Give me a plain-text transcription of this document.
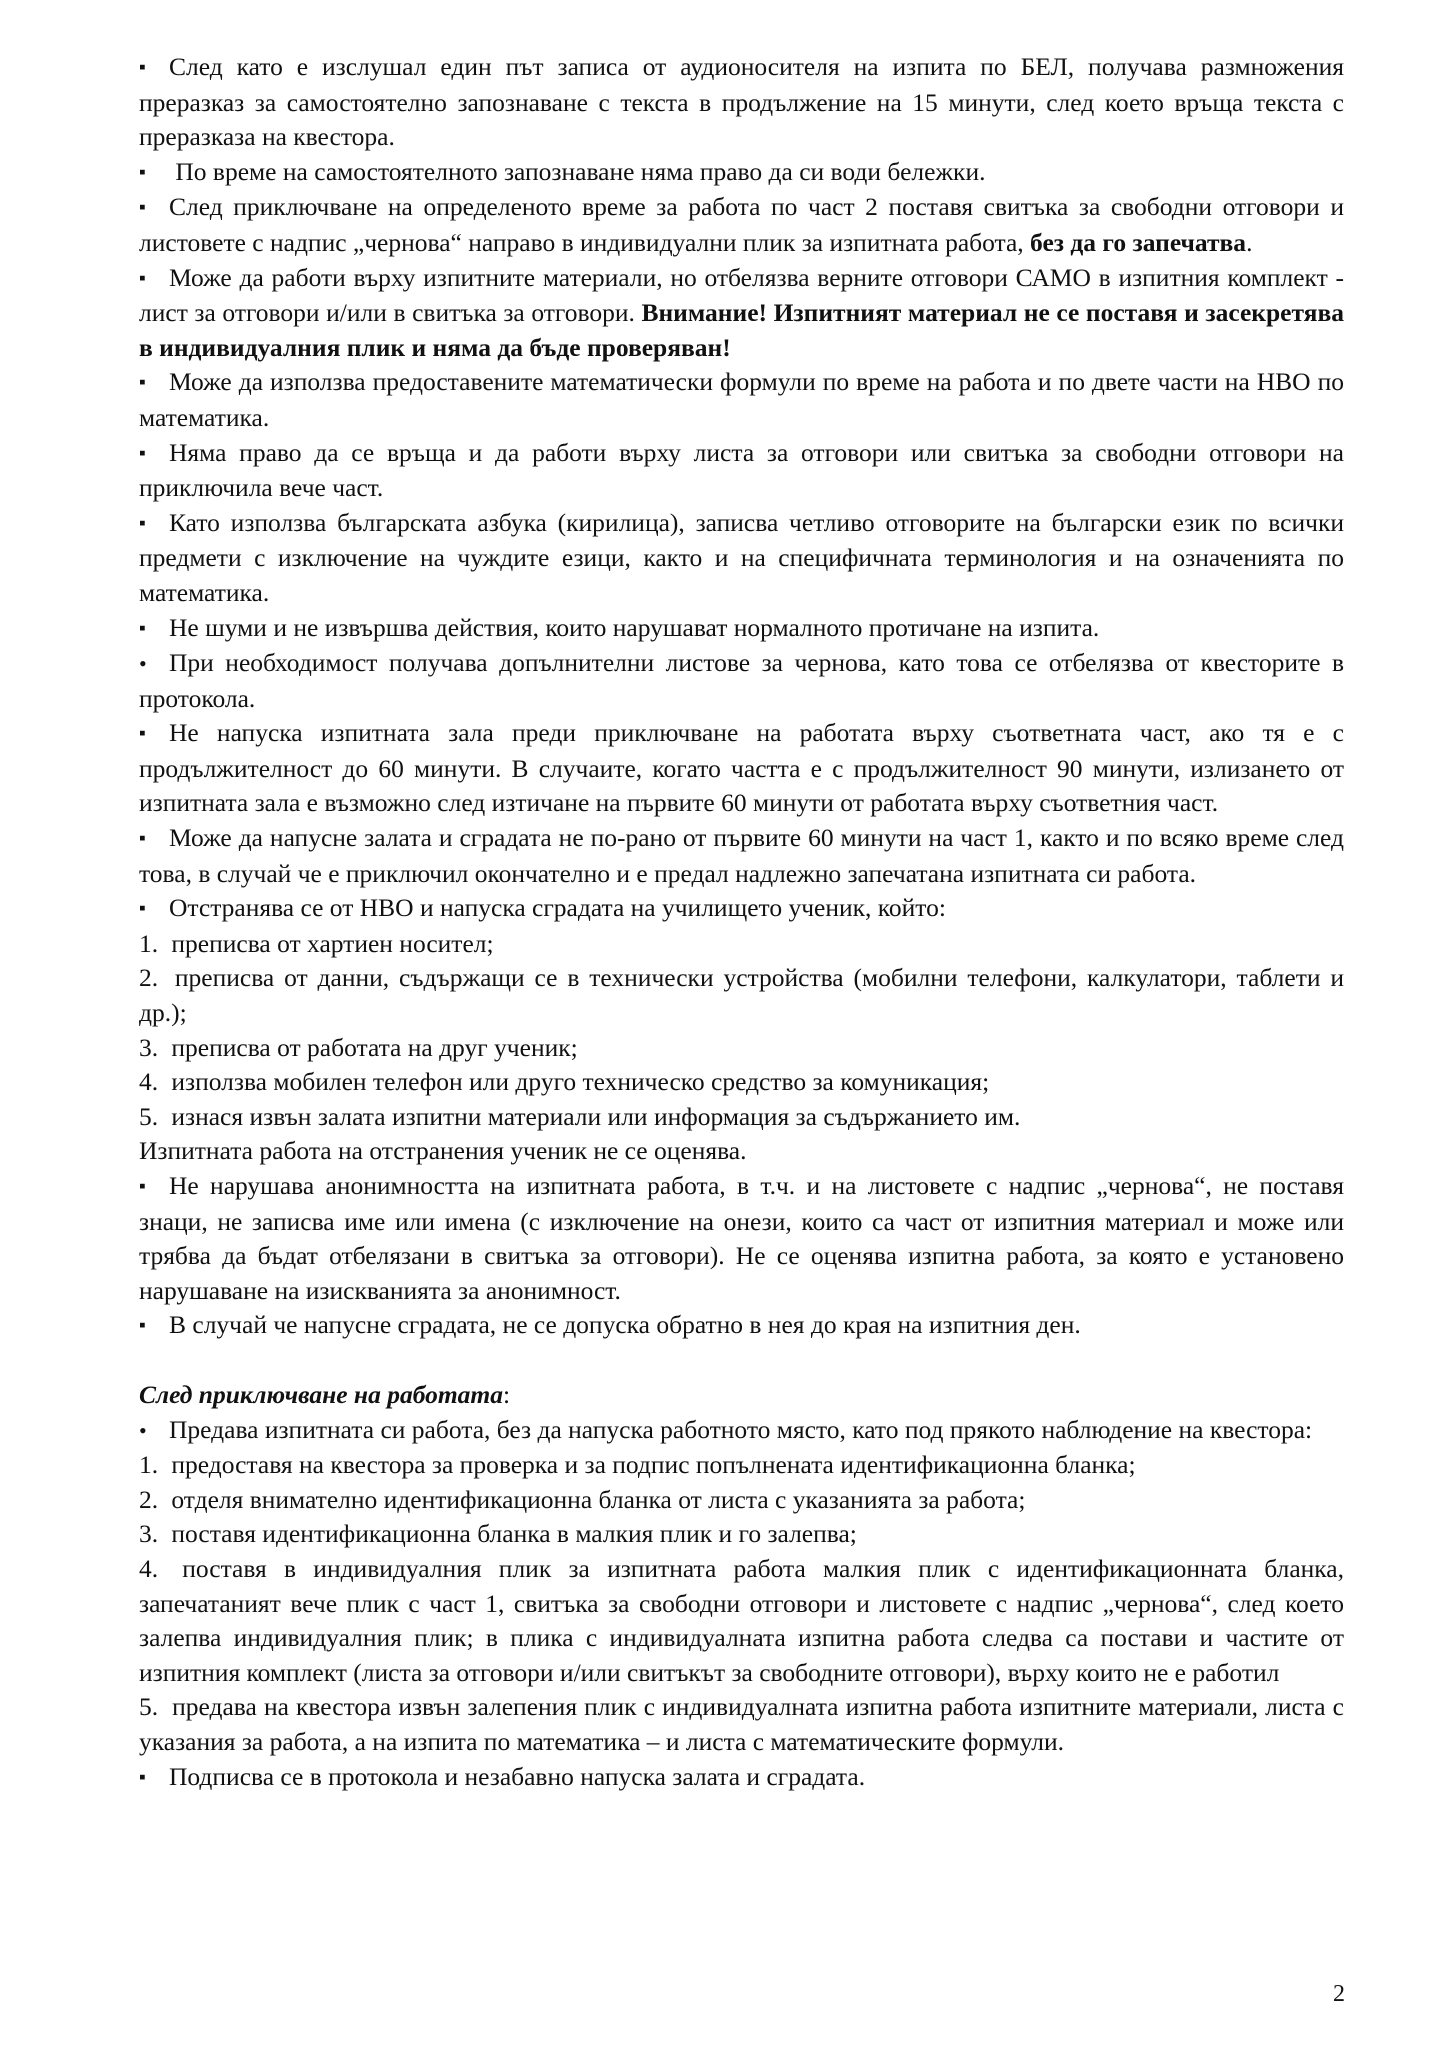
▪ След като е изслушал един път записа от аудионосителя на изпита по БЕЛ, получава размножения преразказ за самостоятелно запознаване с текста в продължение на 15 минути, след което връща текста с преразказа на квестора.

▪ По време на самостоятелното запознаване няма право да си води бележки.

▪ След приключване на определеното време за работа по част 2 поставя свитъка за свободни отговори и листовете с надпис „чернова“ направо в индивидуални плик за изпитната работа, без да го запечатва.

▪ Може да работи върху изпитните материали, но отбелязва верните отговори САМО в изпитния комплект - лист за отговори и/или в свитъка за отговори. Внимание! Изпитният материал не се поставя и засекретява в индивидуалния плик и няма да бъде проверяван!

▪ Може да използва предоставените математически формули по време на работа и по двете части на НВО по математика.

▪ Няма право да се връща и да работи върху листа за отговори или свитъка за свободни отговори на приключила вече част.

▪ Като използва българската азбука (кирилица), записва четливо отговорите на български език по всички предмети с изключение на чуждите езици, както и на специфичната терминология и на означенията по математика.

▪ Не шуми и не извършва действия, които нарушават нормалното протичане на изпита.

• При необходимост получава допълнителни листове за чернова, като това се отбелязва от квесторите в протокола.

▪ Не напуска изпитната зала преди приключване на работата върху съответната част, ако тя е с продължителност до 60 минути. В случаите, когато частта е с продължителност 90 минути, излизането от изпитната зала е възможно след изтичане на първите 60 минути от работата върху съответния част.

▪ Може да напусне залата и сградата не по-рано от първите 60 минути на част 1, както и по всяко време след това, в случай че е приключил окончателно и е предал надлежно запечатана изпитната си работа.

▪ Отстранява се от НВО и напуска сградата на училището ученик, който:

1. преписва от хартиен носител;

2. преписва от данни, съдържащи се в технически устройства (мобилни телефони, калкулатори, таблети и др.);

3. преписва от работата на друг ученик;

4. използва мобилен телефон или друго техническо средство за комуникация;

5. изнася извън залата изпитни материали или информация за съдържанието им.

Изпитната работа на отстранения ученик не се оценява.

▪ Не нарушава анонимността на изпитната работа, в т.ч. и на листовете с надпис „чернова“, не поставя знаци, не записва име или имена (с изключение на онези, които са част от изпитния материал и може или трябва да бъдат отбелязани в свитъка за отговори). Не се оценява изпитна работа, за която е установено нарушаване на изискванията за анонимност.

▪ В случай че напусне сградата, не се допуска обратно в нея до края на изпитния ден.

След приключване на работата:

• Предава изпитната си работа, без да напуска работното място, като под прякото наблюдение на квестора:

1. предоставя на квестора за проверка и за подпис попълнената идентификационна бланка;

2. отделя внимателно идентификационна бланка от листа с указанията за работа;

3. поставя идентификационна бланка в малкия плик и го залепва;

4. поставя в индивидуалния плик за изпитната работа малкия плик с идентификационната бланка, запечатаният вече плик с част 1, свитъка за свободни отговори и листовете с надпис „чернова“, след което залепва индивидуалния плик; в плика с индивидуалната изпитна работа следва са постави и частите от изпитния комплект (листа за отговори и/или свитъкът за свободните отговори), върху които не е работил

5. предава на квестора извън залепения плик с индивидуалната изпитна работа изпитните материали, листа с указания за работа, а на изпита по математика – и листа с математическите формули.

▪ Подписва се в протокола и незабавно напуска залата и сградата.

2
